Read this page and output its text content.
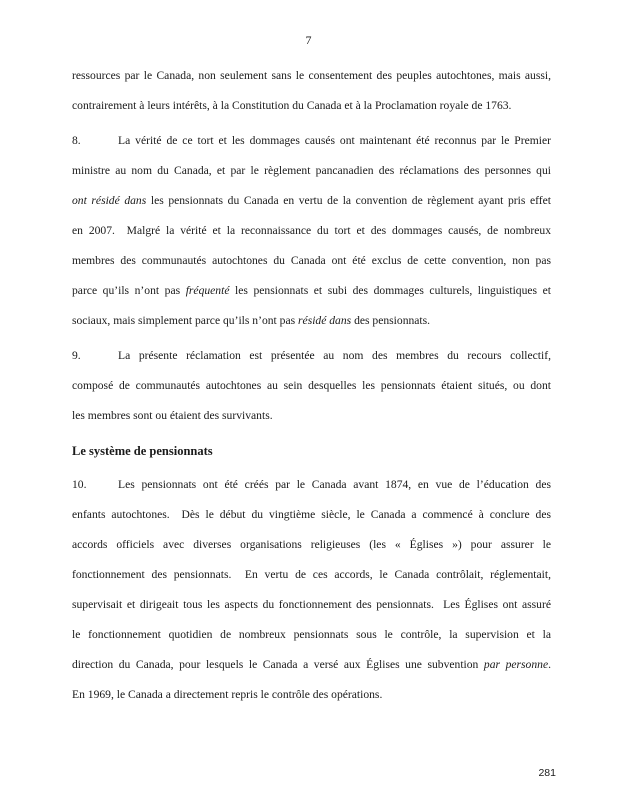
7
ressources par le Canada, non seulement sans le consentement des peuples autochtones, mais aussi,
contrairement à leurs intérêts, à la Constitution du Canada et à la Proclamation royale de 1763.
8.	La vérité de ce tort et les dommages causés ont maintenant été reconnus par le Premier
ministre au nom du Canada, et par le règlement pancanadien des réclamations des personnes qui
ont résidé dans les pensionnats du Canada en vertu de la convention de règlement ayant pris effet
en 2007.  Malgré la vérité et la reconnaissance du tort et des dommages causés, de nombreux
membres des communautés autochtones du Canada ont été exclus de cette convention, non pas
parce qu’ils n’ont pas fréquenté les pensionnats et subi des dommages culturels, linguistiques et
sociaux, mais simplement parce qu’ils n’ont pas résidé dans des pensionnats.
9.	La présente réclamation est présentée au nom des membres du recours collectif,
composé de communautés autochtones au sein desquelles les pensionnats étaient situés, ou dont
les membres sont ou étaient des survivants.
Le système de pensionnats
10.	Les pensionnats ont été créés par le Canada avant 1874, en vue de l’éducation des
enfants autochtones.  Dès le début du vingtième siècle, le Canada a commencé à conclure des
accords officiels avec diverses organisations religieuses (les « Églises ») pour assurer le
fonctionnement des pensionnats.  En vertu de ces accords, le Canada contrôlait, réglementait,
supervisait et dirigeait tous les aspects du fonctionnement des pensionnats.  Les Églises ont assuré
le fonctionnement quotidien de nombreux pensionnats sous le contrôle, la supervision et la
direction du Canada, pour lesquels le Canada a versé aux Églises une subvention par personne.
En 1969, le Canada a directement repris le contrôle des opérations.
281
